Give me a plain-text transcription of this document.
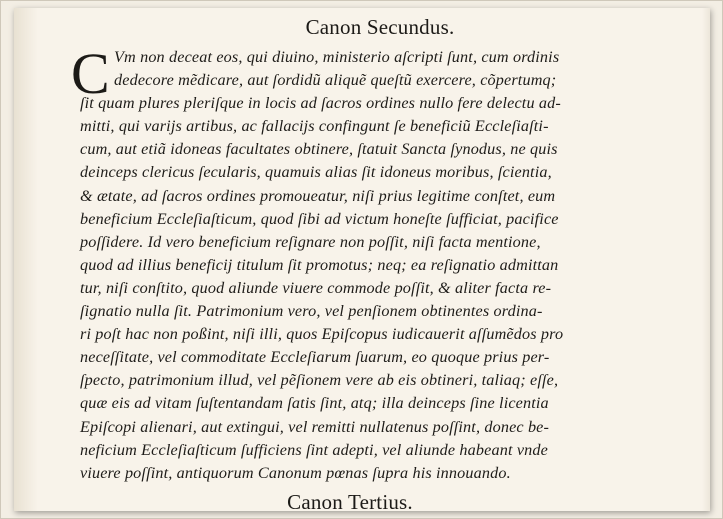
Canon Secundus.
C Vm non deceat eos, qui diuino, ministerio aſcripti ſunt, cum ordinis
dedecore mẽdicare, aut ſordidũ aliquẽ queſtũ exercere, cõpertumq;
ſit quam plures pleriſque in locis ad ſacros ordines nullo fere delectu ad-
mitti, qui varijs artibus, ac fallacijs confingunt ſe beneficiũ Eccleſiaſti-
cum, aut etiã idoneas facultates obtinere, ſtatuit Sancta ſynodus, ne quis
deinceps clericus ſecularis, quamuis alias ſit idoneus moribus, ſcientia,
& ætate, ad ſacros ordines promoueatur, niſi prius legitime conſtet, eum
beneficium Eccleſiaſticum, quod ſibi ad victum honeſte ſufficiat, pacifice
poſſidere. Id vero beneficium reſignare non poſſit, niſi facta mentione,
quod ad illius beneficij titulum ſit promotus; neq; ea reſignatio admittan
tur, niſi conſtito, quod aliunde viuere commode poſſit, & aliter facta re-
ſignatio nulla ſit. Patrimonium vero, vel penſionem obtinentes ordina-
ri poſt hac non poßint, niſi illi, quos Epiſcopus iudicauerit aſſumẽdos pro
neceſſitate, vel commoditate Eccleſiarum ſuarum, eo quoque prius per-
ſpecto, patrimonium illud, vel pẽſionem vere ab eis obtineri, taliaq; eſſe,
quæ eis ad vitam ſuſtentandam ſatis ſint, atq; illa deinceps ſine licentia
Epiſcopi alienari, aut extingui, vel remitti nullatenus poſſint, donec be-
neficium Eccleſiaſticum ſufficiens ſint adepti, vel aliunde habeant vnde
viuere poſſint, antiquorum Canonum pœnas ſupra his innouando.
Canon Tertius.
